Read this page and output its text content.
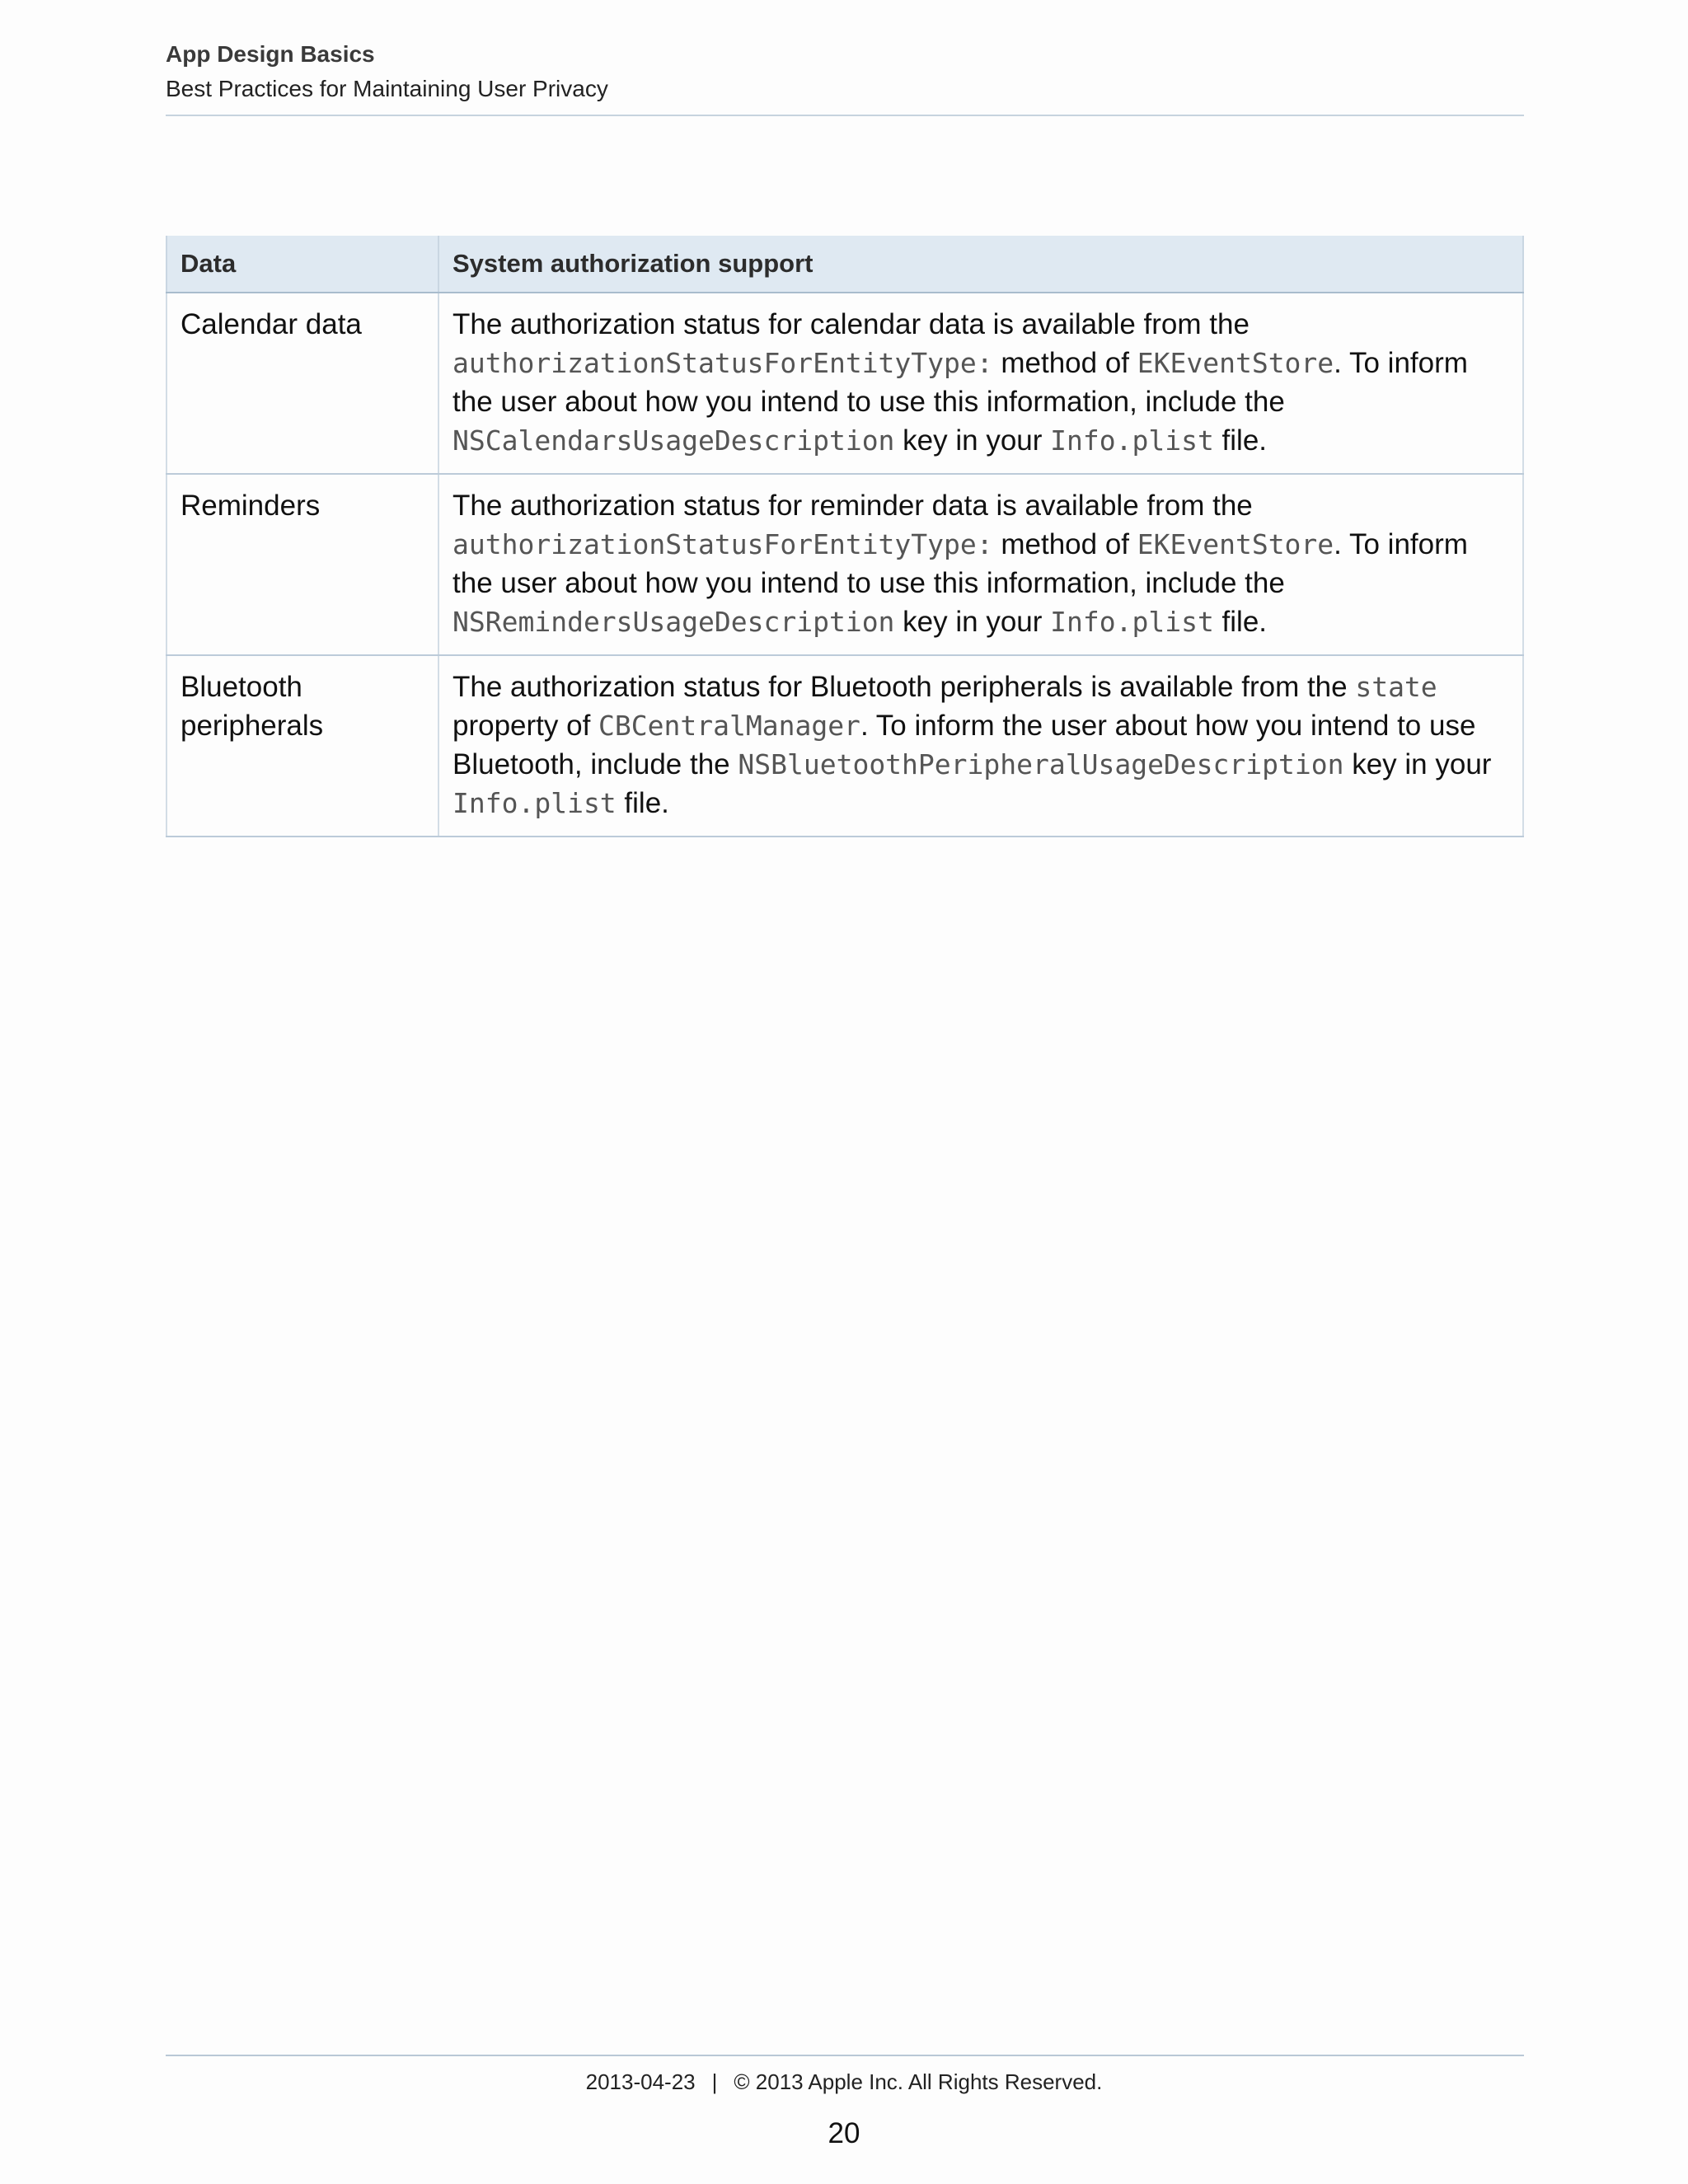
App Design Basics
Best Practices for Maintaining User Privacy
Data	System authorization support
Calendar data	The authorization status for calendar data is available from the authorizationStatusForEntityType: method of EKEventStore. To inform the user about how you intend to use this information, include the NSCalendarsUsageDescription key in your Info.plist file.
Reminders	The authorization status for reminder data is available from the authorizationStatusForEntityType: method of EKEventStore. To inform the user about how you intend to use this information, include the NSRemindersUsageDescription key in your Info.plist file.
Bluetooth peripherals	The authorization status for Bluetooth peripherals is available from the state property of CBCentralManager. To inform the user about how you intend to use Bluetooth, include the NSBluetoothPeripheralUsageDescription key in your Info.plist file.
2013-04-23 | © 2013 Apple Inc. All Rights Reserved.
20
